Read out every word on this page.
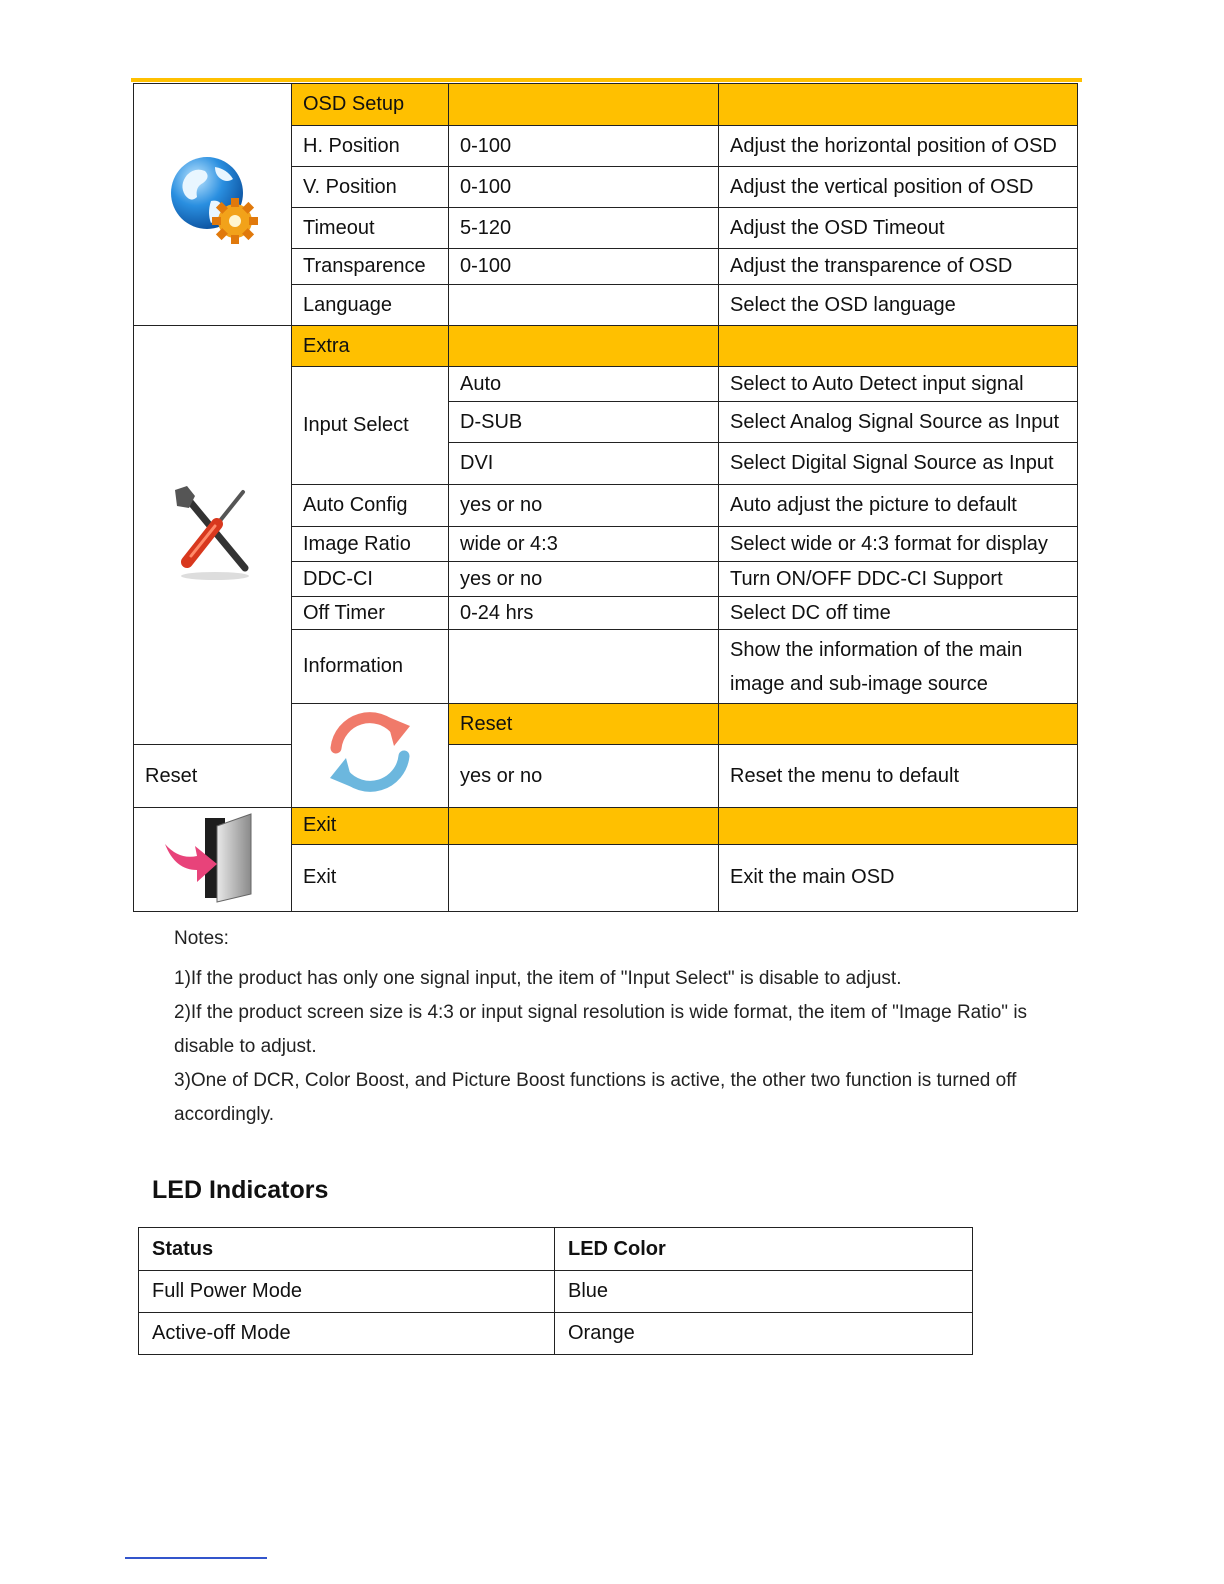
	OSD Setup			
	H. Position	0-100	Adjust the horizontal position of OSD	
	V. Position	0-100	Adjust the vertical position of OSD	
	Timeout	5-120	Adjust the OSD Timeout	
	Transparence	0-100	Adjust the transparence of OSD	
	Language		Select the OSD language	
	Extra			
	Input Select	Auto	Select to Auto Detect input signal	
		D-SUB	Select Analog Signal Source as Input	
		DVI	Select Digital Signal Source as Input	
	Auto Config	yes or no	Auto adjust the picture to default	
	Image Ratio	wide or 4:3	Select wide or 4:3 format for display	
	DDC-CI	yes or no	Turn ON/OFF DDC-CI Support	
	Off Timer	0-24 hrs	Select DC off time	
	Information		Show the information of the main
image and sub-image source	

	Reset		
Reset		yes or no	Reset the menu to default	
	Exit			
	Exit		Exit the main OSD	

Notes:

1)If the product has only one signal input, the item of "Input Select" is disable to adjust.

2)If the product screen size is 4:3 or input signal resolution is wide format, the item of "Image Ratio" is

disable to adjust.

3)One of DCR, Color Boost, and Picture Boost functions is active, the other two function is turned off

accordingly.

LED Indicators
Status	LED Color
Full Power Mode	Blue
Active-off Mode	Orange
